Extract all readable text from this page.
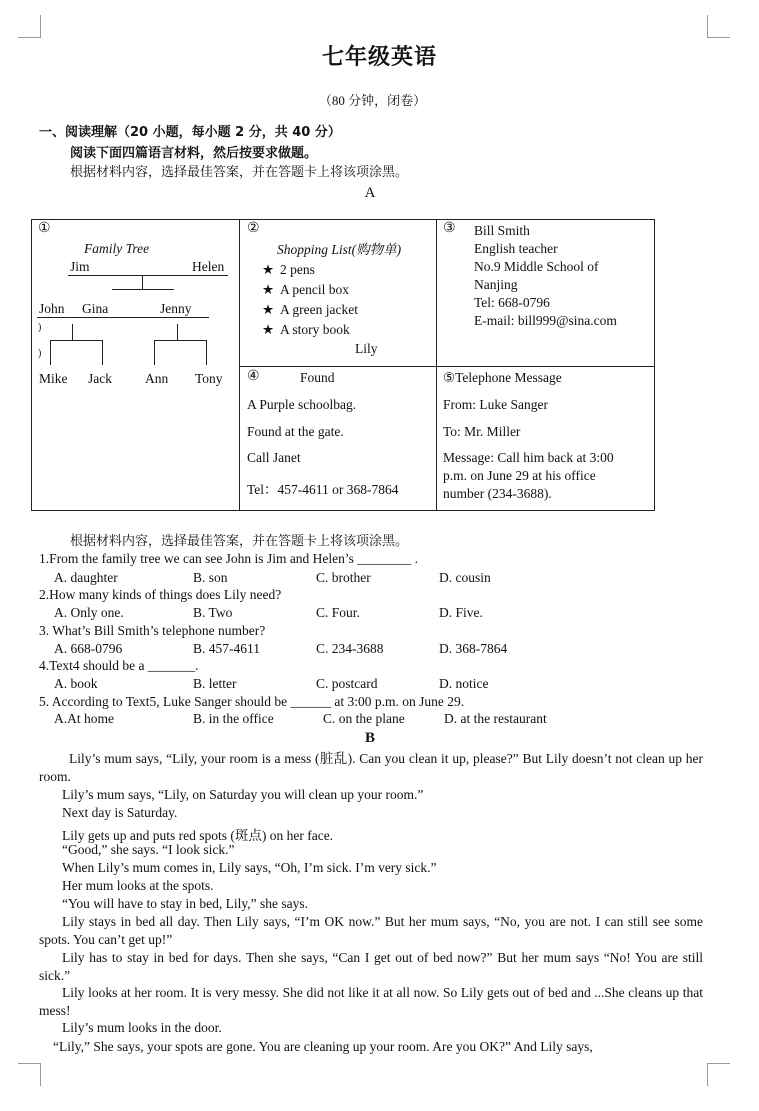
七年级英语
（80 分钟，闭卷）
一、阅读理解（20 小题，每小题 2 分，共 40 分）
阅读下面四篇语言材料，然后按要求做题。
根据材料内容，选择最佳答案，并在答题卡上将该项涂黑。
A
①
Family Tree
Jim	Helen
John Gina	Jenny
)
)
Mike Jack Ann Tony
②
Shopping List(购物单)
★ 2 pens
★ A pencil box
★ A green jacket
★ A story book
Lily
③ Bill Smith
English teacher
No.9 Middle School of
Nanjing
Tel: 668-0796
E-mail: bill999@sina.com
④	Found
A Purple schoolbag.
Found at the gate.
Call Janet
Tel：457-4611 or 368-7864
⑤Telephone Message
From: Luke Sanger
To: Mr. Miller
Message: Call him back at 3:00
p.m. on June 29 at his office
number (234-3688).
根据材料内容，选择最佳答案，并在答题卡上将该项涂黑。
1.From the family tree we can see John is Jim and Helen’s ________ .
A. daughter	B. son	C. brother	D. cousin
2.How many kinds of things does Lily need?
A. Only one.	B. Two	C. Four.	D. Five.
3. What’s Bill Smith’s telephone number?
A. 668-0796	B. 457-4611	C. 234-3688	D. 368-7864
4.Text4 should be a _______.
A. book	B. letter	C. postcard	D. notice
5. According to Text5, Luke Sanger should be ______ at 3:00 p.m. on June 29.
A.At home	B. in the office	C. on the plane	D. at the restaurant
B
Lily’s mum says, “Lily, your room is a mess (脏乱). Can you clean it up, please?” But Lily doesn’t not clean up her room.
Lily’s mum says, “Lily, on Saturday you will clean up your room.”
Next day is Saturday.
Lily gets up and puts red spots (斑点) on her face.
“Good,” she says. “I look sick.”
When Lily’s mum comes in, Lily says, “Oh, I’m sick. I’m very sick.”
Her mum looks at the spots.
“You will have to stay in bed, Lily,” she says.
Lily stays in bed all day. Then Lily says, “I’m OK now.” But her mum says, “No, you are not. I can still see some spots. You can’t get up!”
Lily has to stay in bed for days. Then she says, “Can I get out of bed now?” But her mum says “No! You are still sick.”
Lily looks at her room. It is very messy. She did not like it at all now. So Lily gets out of bed and ...She cleans up that mess!
Lily’s mum looks in the door.
“Lily,” She says, your spots are gone. You are cleaning up your room. Are you OK?” And Lily says,
